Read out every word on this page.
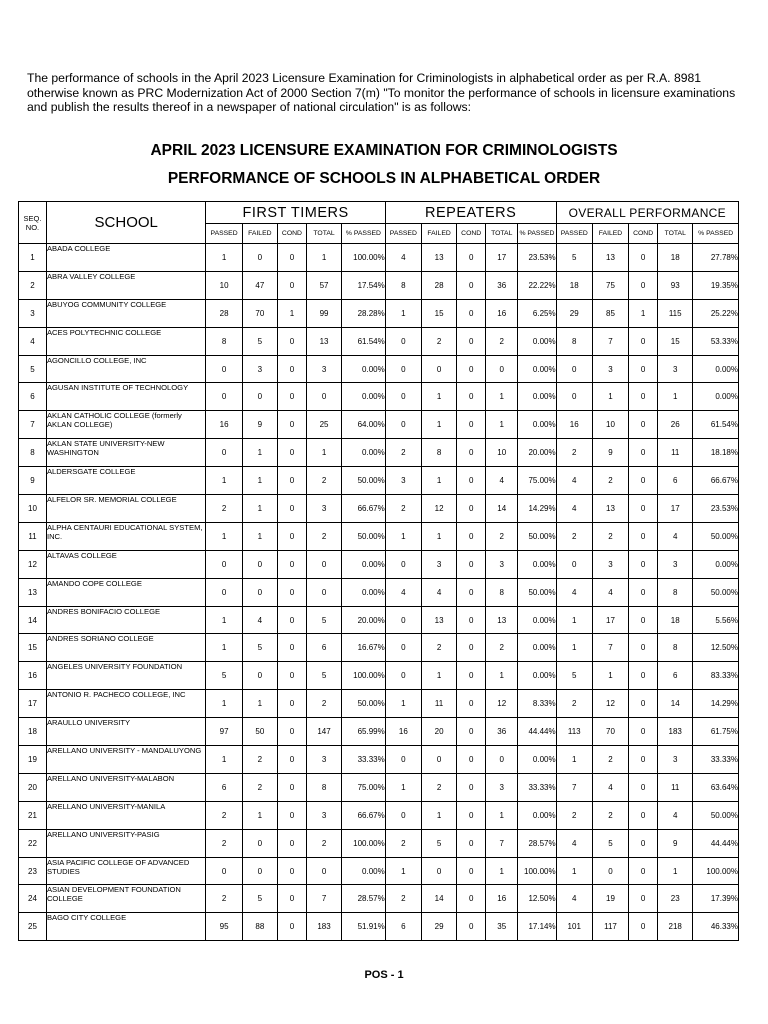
The performance of schools in the April 2023 Licensure Examination for Criminologists in alphabetical order as per R.A. 8981 otherwise known as PRC Modernization Act of 2000 Section 7(m) "To monitor the performance of schools in licensure examinations and publish the results thereof in a newspaper of national circulation" is as follows:

APRIL 2023 LICENSURE EXAMINATION FOR CRIMINOLOGISTS
PERFORMANCE OF SCHOOLS IN ALPHABETICAL ORDER
SEQ. NO.	SCHOOL	FIRST TIMERS					REPEATERS					OVERALL PERFORMANCE				
		PASSED	FAILED	COND	TOTAL	% PASSED	PASSED	FAILED	COND	TOTAL	% PASSED	PASSED	FAILED	COND	TOTAL	% PASSED
1	ABADA COLLEGE	1	0	0	1	100.00%	4	13	0	17	23.53%	5	13	0	18	27.78%
2	ABRA VALLEY COLLEGE	10	47	0	57	17.54%	8	28	0	36	22.22%	18	75	0	93	19.35%
3	ABUYOG COMMUNITY COLLEGE	28	70	1	99	28.28%	1	15	0	16	6.25%	29	85	1	115	25.22%
4	ACES POLYTECHNIC COLLEGE	8	5	0	13	61.54%	0	2	0	2	0.00%	8	7	0	15	53.33%
5	AGONCILLO COLLEGE, INC	0	3	0	3	0.00%	0	0	0	0	0.00%	0	3	0	3	0.00%
6	AGUSAN INSTITUTE OF TECHNOLOGY	0	0	0	0	0.00%	0	1	0	1	0.00%	0	1	0	1	0.00%
7	AKLAN CATHOLIC COLLEGE (formerly AKLAN COLLEGE)	16	9	0	25	64.00%	0	1	0	1	0.00%	16	10	0	26	61.54%
8	AKLAN STATE UNIVERSITY-NEW WASHINGTON	0	1	0	1	0.00%	2	8	0	10	20.00%	2	9	0	11	18.18%
9	ALDERSGATE COLLEGE	1	1	0	2	50.00%	3	1	0	4	75.00%	4	2	0	6	66.67%
10	ALFELOR SR. MEMORIAL COLLEGE	2	1	0	3	66.67%	2	12	0	14	14.29%	4	13	0	17	23.53%
11	ALPHA CENTAURI EDUCATIONAL SYSTEM, INC.	1	1	0	2	50.00%	1	1	0	2	50.00%	2	2	0	4	50.00%
12	ALTAVAS COLLEGE	0	0	0	0	0.00%	0	3	0	3	0.00%	0	3	0	3	0.00%
13	AMANDO COPE COLLEGE	0	0	0	0	0.00%	4	4	0	8	50.00%	4	4	0	8	50.00%
14	ANDRES BONIFACIO COLLEGE	1	4	0	5	20.00%	0	13	0	13	0.00%	1	17	0	18	5.56%
15	ANDRES SORIANO COLLEGE	1	5	0	6	16.67%	0	2	0	2	0.00%	1	7	0	8	12.50%
16	ANGELES UNIVERSITY FOUNDATION	5	0	0	5	100.00%	0	1	0	1	0.00%	5	1	0	6	83.33%
17	ANTONIO R. PACHECO COLLEGE, INC	1	1	0	2	50.00%	1	11	0	12	8.33%	2	12	0	14	14.29%
18	ARAULLO UNIVERSITY	97	50	0	147	65.99%	16	20	0	36	44.44%	113	70	0	183	61.75%
19	ARELLANO UNIVERSITY - MANDALUYONG	1	2	0	3	33.33%	0	0	0	0	0.00%	1	2	0	3	33.33%
20	ARELLANO UNIVERSITY-MALABON	6	2	0	8	75.00%	1	2	0	3	33.33%	7	4	0	11	63.64%
21	ARELLANO UNIVERSITY-MANILA	2	1	0	3	66.67%	0	1	0	1	0.00%	2	2	0	4	50.00%
22	ARELLANO UNIVERSITY-PASIG	2	0	0	2	100.00%	2	5	0	7	28.57%	4	5	0	9	44.44%
23	ASIA PACIFIC COLLEGE OF ADVANCED STUDIES	0	0	0	0	0.00%	1	0	0	1	100.00%	1	0	0	1	100.00%
24	ASIAN DEVELOPMENT FOUNDATION COLLEGE	2	5	0	7	28.57%	2	14	0	16	12.50%	4	19	0	23	17.39%
25	BAGO CITY COLLEGE	95	88	0	183	51.91%	6	29	0	35	17.14%	101	117	0	218	46.33%

POS - 1
